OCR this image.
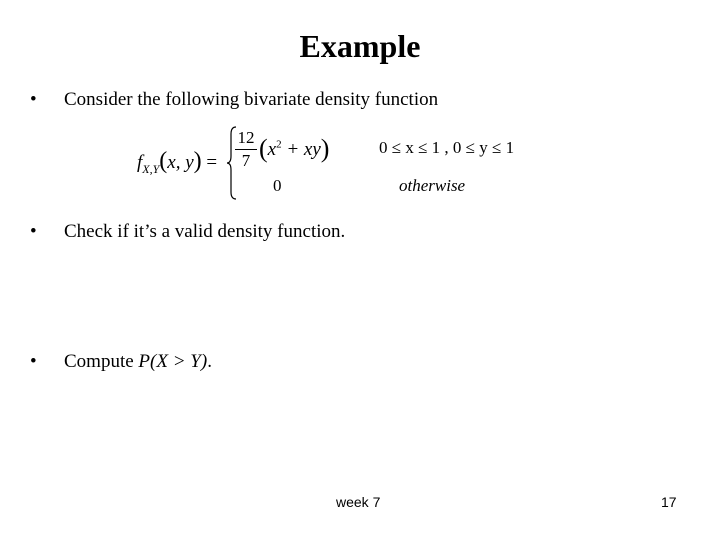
Example
• Consider the following bivariate density function
$f_{X,Y}(x$, y) =
12
7 $(x^2 + xy)$	0 ≤ x ≤ 1 , 0 ≤ y ≤ 1
0	otherwise
• Check if it’s a valid density function.
• Compute P(X > Y).
week 7	17
